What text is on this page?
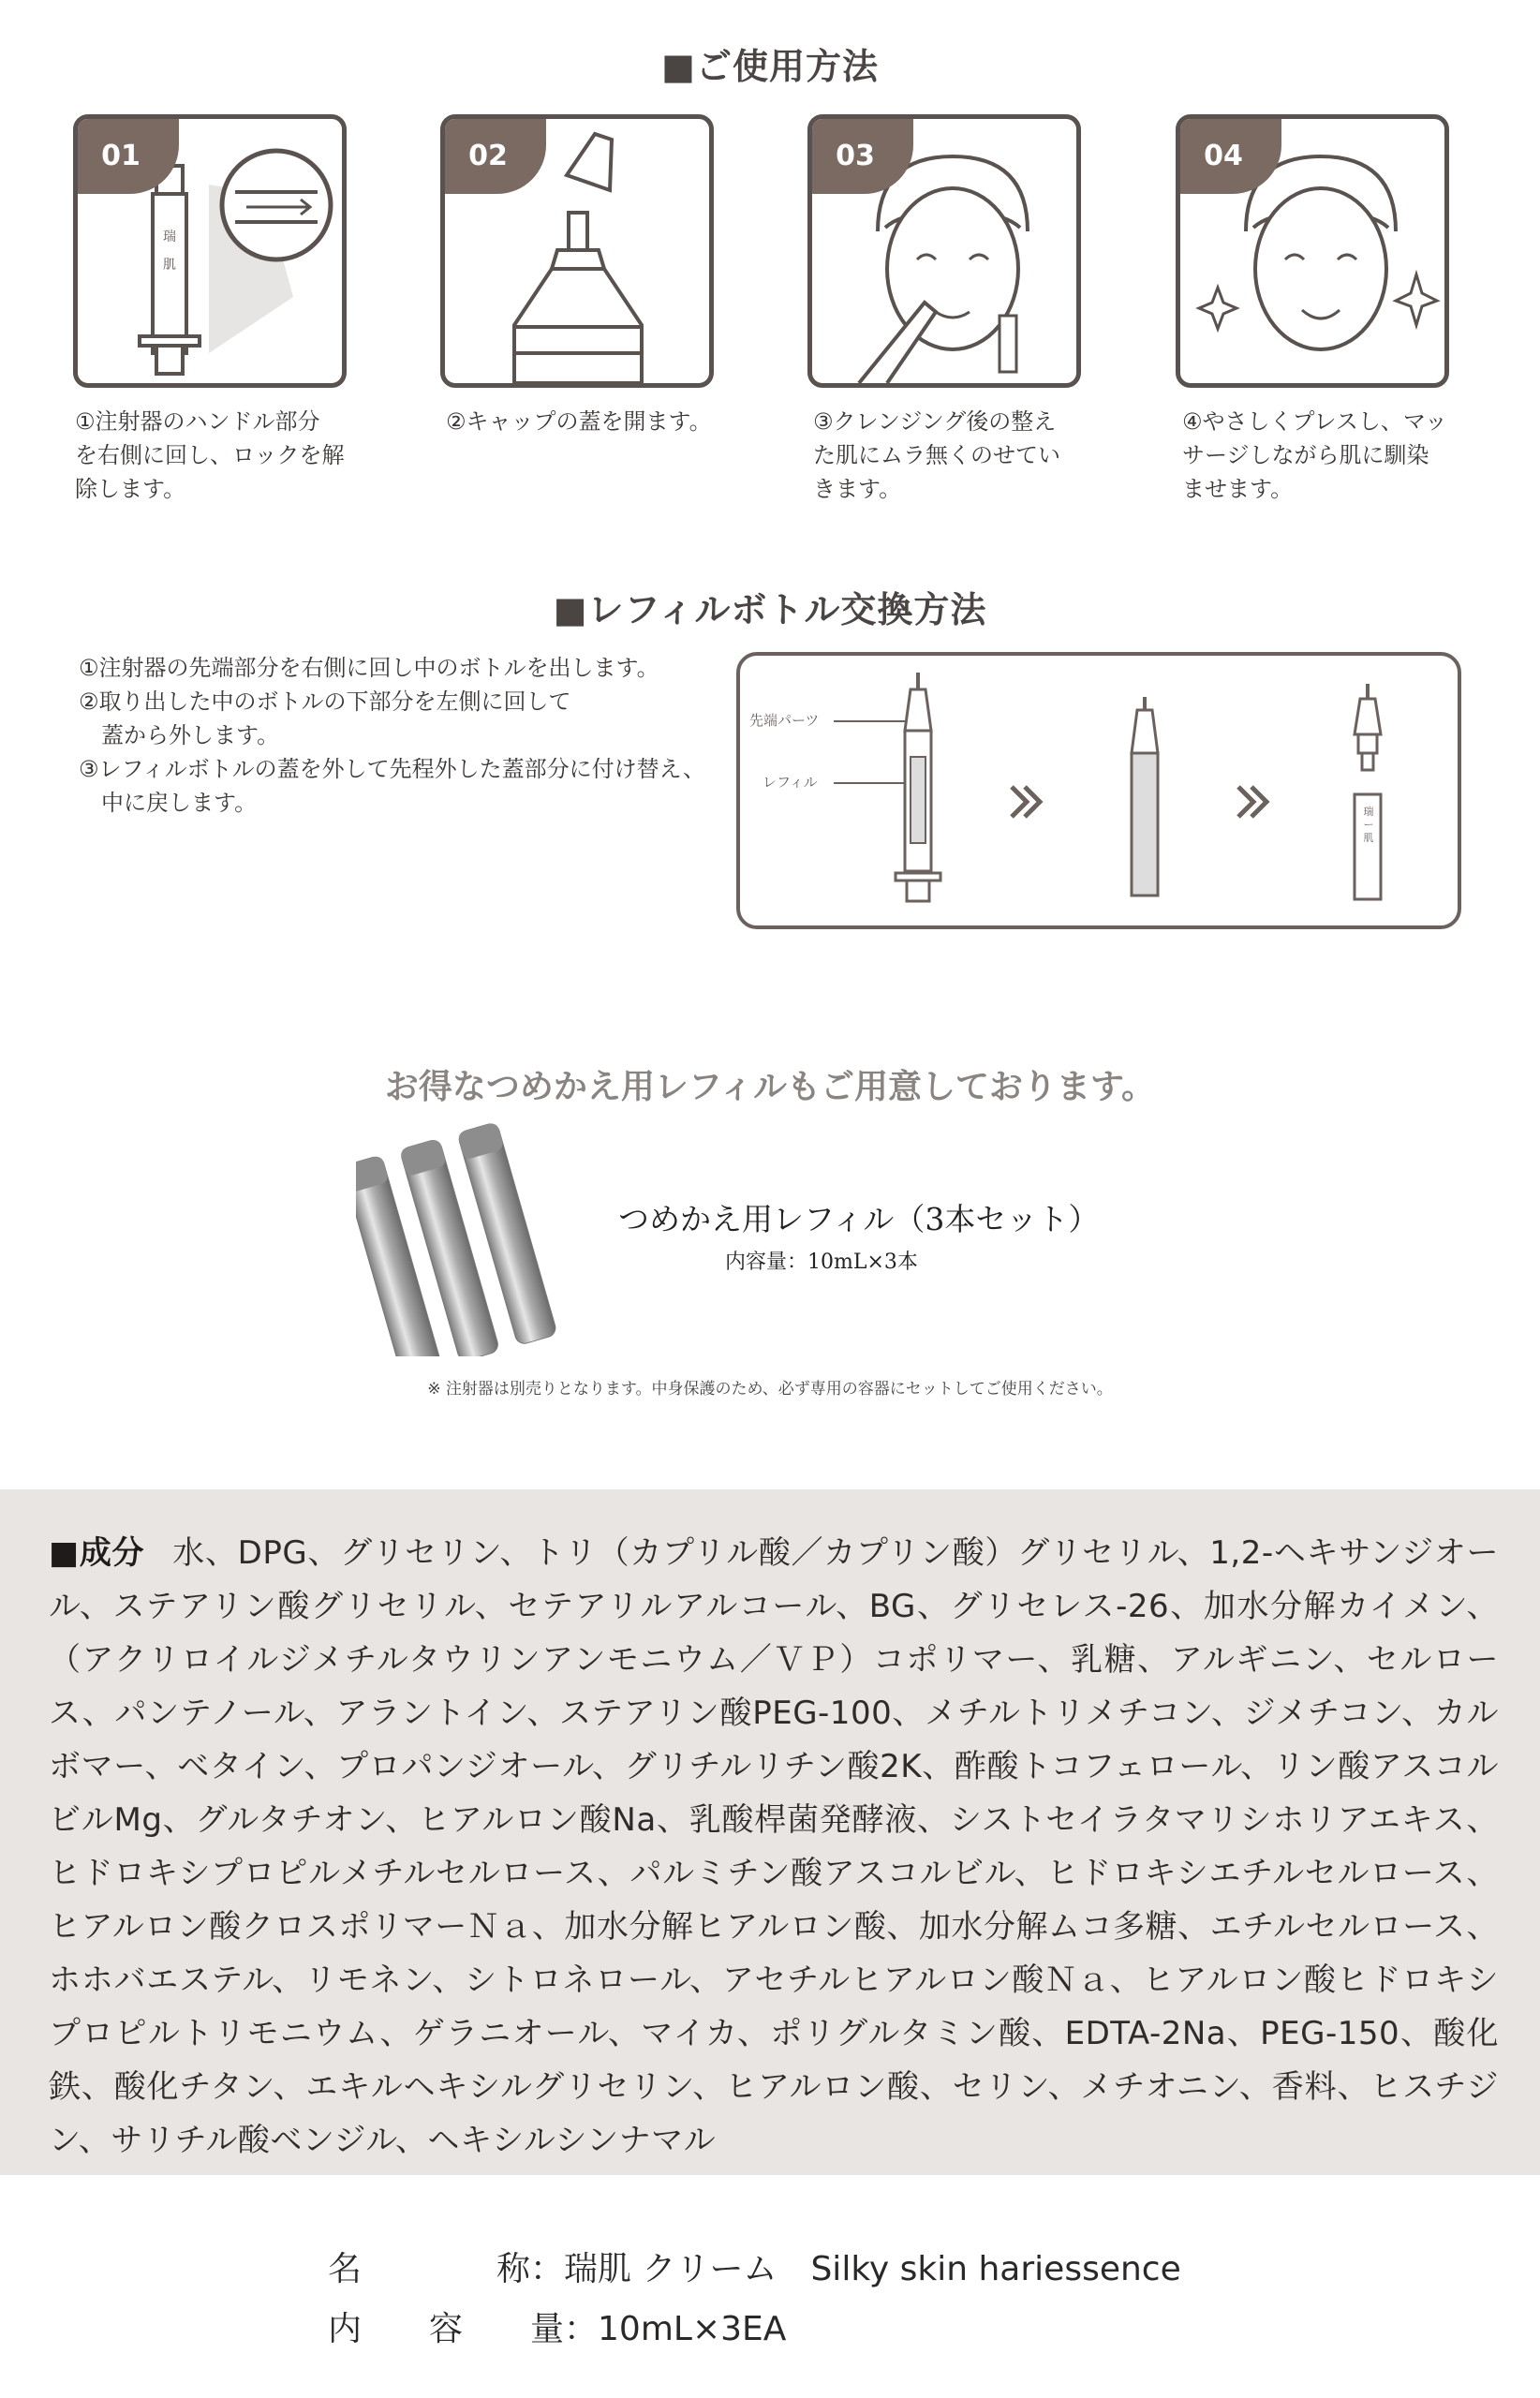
■ご使用方法
瑞
肌
01
①注射器のハンドル部分
を右側に回し、ロックを解
除します。
02
②キャップの蓋を開ます。
03
③クレンジング後の整え
た肌にムラ無くのせてい
きます。
04
④やさしくプレスし、マッ
サージしながら肌に馴染
ませます。
■レフィルボトル交換方法
①注射器の先端部分を右側に回し中のボトルを出します。
②取り出した中のボトルの下部分を左側に回して
　蓋から外します。
③レフィルボトルの蓋を外して先程外した蓋部分に付け替え、
　中に戻します。
先端パーツ
レフィル
瑞ー肌
お得なつめかえ用レフィルもご用意しております。
つめかえ用レフィル（3本セット）
内容量：10mL×3本
※ 注射器は別売りとなります。中身保護のため、必ず専用の容器にセットしてご使用ください。
■成分 水、DPG、グリセリン、トリ（カプリル酸／カプリン酸）グリセリル、1,2-ヘキサンジオール、ステアリン酸グリセリル、セテアリルアルコール、BG、グリセレス-26、加水分解カイメン、（アクリロイルジメチルタウリンアンモニウム／ＶＰ）コポリマー、乳糖、アルギニン、セルロース、パンテノール、アラントイン、ステアリン酸PEG-100、メチルトリメチコン、ジメチコン、カルボマー、ベタイン、プロパンジオール、グリチルリチン酸2K、酢酸トコフェロール、リン酸アスコルビルMg、グルタチオン、ヒアルロン酸Na、乳酸桿菌発酵液、シストセイラタマリシホリアエキス、ヒドロキシプロピルメチルセルロース、パルミチン酸アスコルビル、ヒドロキシエチルセルロース、ヒアルロン酸クロスポリマーＮａ、加水分解ヒアルロン酸、加水分解ムコ多糖、エチルセルロース、ホホバエステル、リモネン、シトロネロール、アセチルヒアルロン酸Ｎａ、ヒアルロン酸ヒドロキシプロピルトリモニウム、ゲラニオール、マイカ、ポリグルタミン酸、EDTA-2Na、PEG-150、酸化鉄、酸化チタン、エキルヘキシルグリセリン、ヒアルロン酸、セリン、メチオニン、香料、ヒスチジン、サリチル酸ベンジル、ヘキシルシンナマル
名　　　　称：瑞肌 クリーム　Silky skin hariessence
内　　容　　量：10mL×3EA
